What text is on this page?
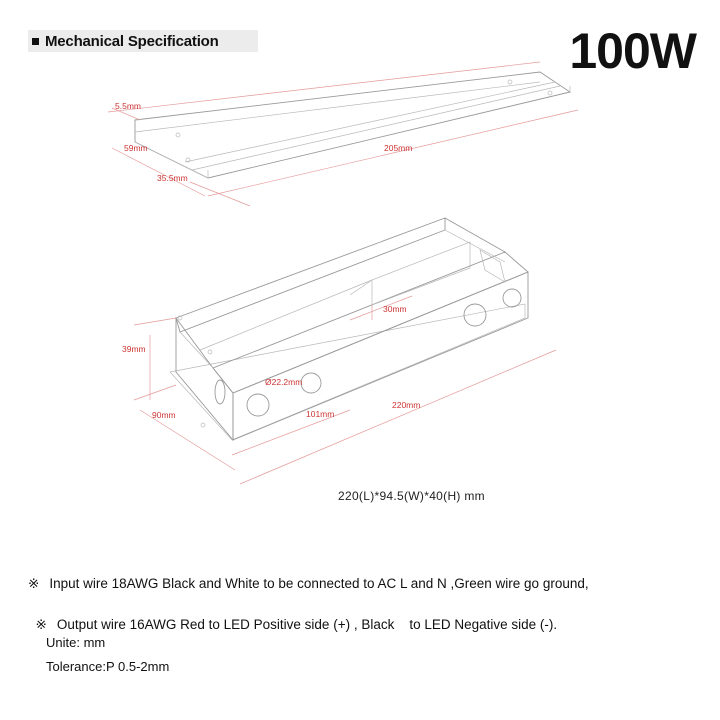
Mechanical Specification	100W
5.5mm
59mm	205mm
35.5mm
30mm
39mm
Ø22.2mm
90mm	101mm
220mm
220(L)*94.5(W)*40(H) mm
※ Input wire 18AWG Black and White to be connected to AC L and N ,Green wire go ground,

※ Output wire 16AWG Red to LED Positive side (+) , Black    to LED Negative side (-).

Unite: mm
Tolerance:P 0.5-2mm
